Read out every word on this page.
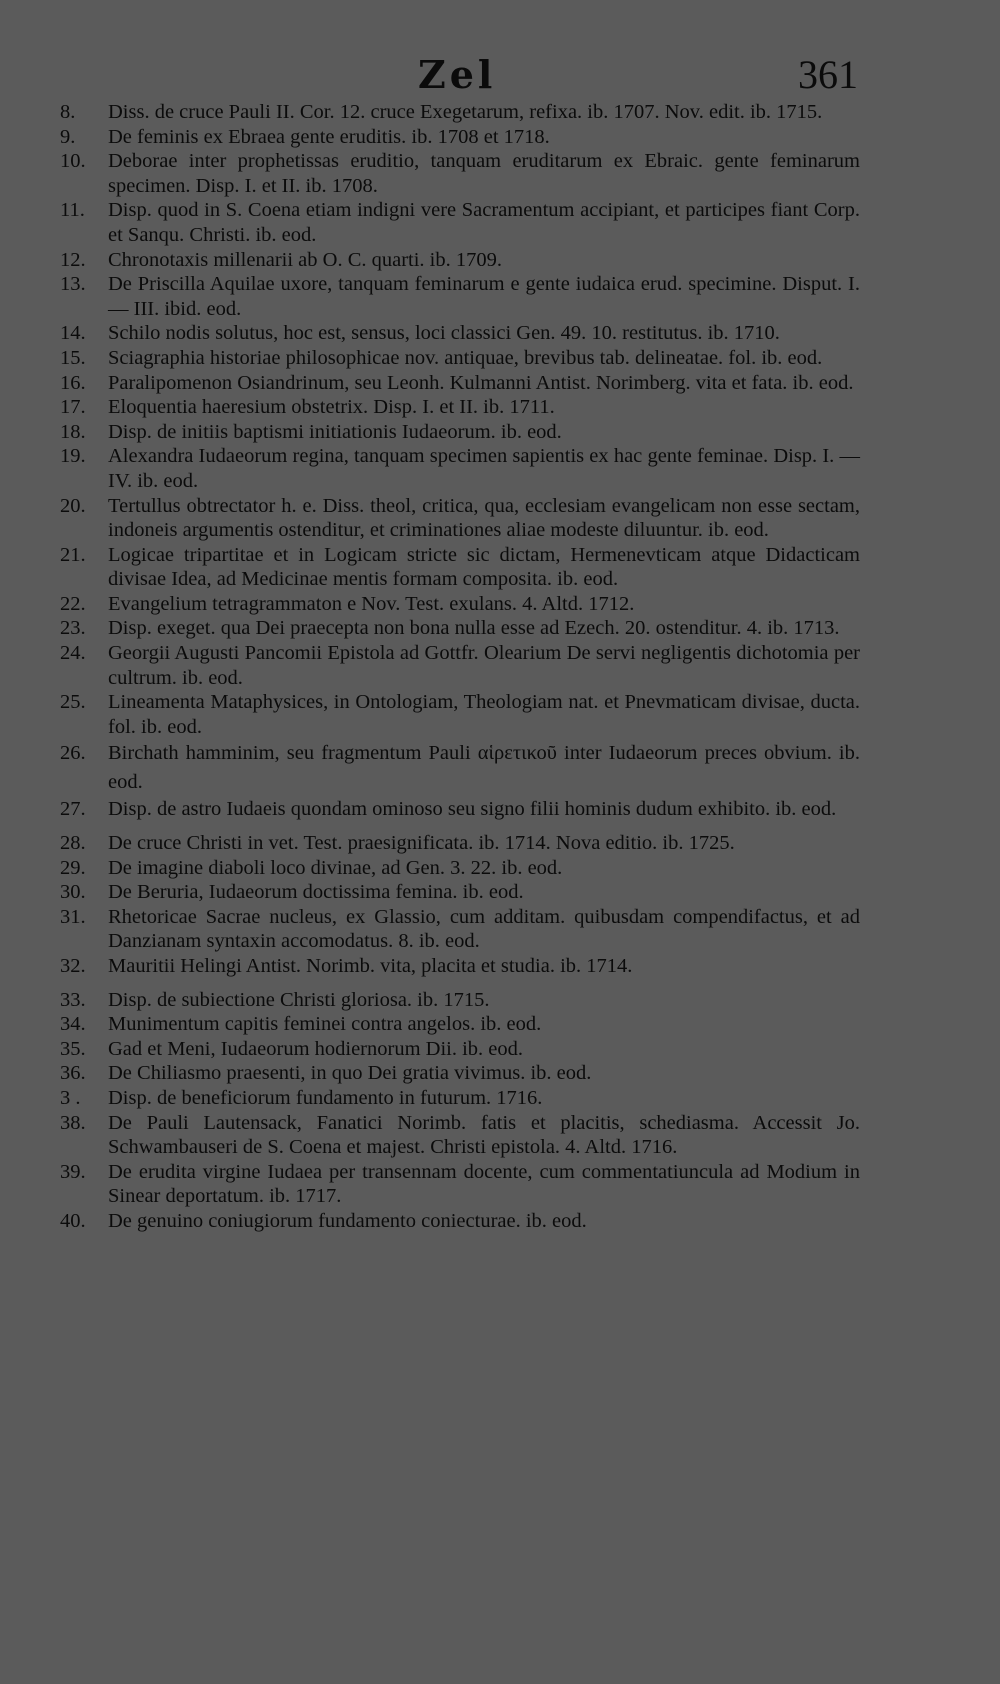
Zel	361
8.	Diss. de cruce Pauli II. Cor. 12. cruce Exegetarum, refixa. ib. 1707. Nov. edit. ib. 1715.
9.	De feminis ex Ebraea gente eruditis. ib. 1708 et 1718.
10.	Deborae inter prophetissas eruditio, tanquam eruditarum ex Ebraic. gente feminarum specimen. Disp. I. et II. ib. 1708.
11.	Disp. quod in S. Coena etiam indigni vere Sacramentum accipiant, et participes fiant Corp. et Sanqu. Christi. ib. eod.
12.	Chronotaxis millenarii ab O. C. quarti. ib. 1709.
13.	De Priscilla Aquilae uxore, tanquam feminarum e gente iudaica erud. specimine. Disput. I. — III. ibid. eod.
14.	Schilo nodis solutus, hoc est, sensus, loci classici Gen. 49. 10. restitutus. ib. 1710.
15.	Sciagraphia historiae philosophicae nov. antiquae, brevibus tab. delineatae. fol. ib. eod.
16.	Paralipomenon Osiandrinum, seu Leonh. Kulmanni Antist. Norimberg. vita et fata. ib. eod.
17.	Eloquentia haeresium obstetrix. Disp. I. et II. ib. 1711.
18.	Disp. de initiis baptismi initiationis Iudaeorum. ib. eod.
19.	Alexandra Iudaeorum regina, tanquam specimen sapientis ex hac gente feminae. Disp. I. — IV. ib. eod.
20.	Tertullus obtrectator h. e. Diss. theol, critica, qua, ecclesiam evangelicam non esse sectam, indoneis argumentis ostenditur, et criminationes aliae modeste diluuntur. ib. eod.
21.	Logicae tripartitae et in Logicam stricte sic dictam, Hermenevticam atque Didacticam divisae Idea, ad Medicinae mentis formam composita. ib. eod.
22.	Evangelium tetragrammaton e Nov. Test. exulans. 4. Altd. 1712.
23.	Disp. exeget. qua Dei praecepta non bona nulla esse ad Ezech. 20. ostenditur. 4. ib. 1713.
24.	Georgii Augusti Pancomii Epistola ad Gottfr. Olearium De servi negligentis dichotomia per cultrum. ib. eod.
25.	Lineamenta Mataphysices, in Ontologiam, Theologiam nat. et Pnevmaticam divisae, ducta. fol. ib. eod.
26.	Birchath hamminim, seu fragmentum Pauli αἱρετικοῦ inter Iudaeorum preces obvium. ib. eod.
27.	Disp. de astro Iudaeis quondam ominoso seu signo filii hominis dudum exhibito. ib. eod.
28.	De cruce Christi in vet. Test. praesignificata. ib. 1714. Nova editio. ib. 1725.
29.	De imagine diaboli loco divinae, ad Gen. 3. 22. ib. eod.
30.	De Beruria, Iudaeorum doctissima femina. ib. eod.
31.	Rhetoricae Sacrae nucleus, ex Glassio, cum additam. quibusdam compendifactus, et ad Danzianam syntaxin accomodatus. 8. ib. eod.
32.	Mauritii Helingi Antist. Norimb. vita, placita et studia. ib. 1714.
33.	Disp. de subiectione Christi gloriosa. ib. 1715.
34.	Munimentum capitis feminei contra angelos. ib. eod.
35.	Gad et Meni, Iudaeorum hodiernorum Dii. ib. eod.
36.	De Chiliasmo praesenti, in quo Dei gratia vivimus. ib. eod.
3 .	Disp. de beneficiorum fundamento in futurum. 1716.
38.	De Pauli Lautensack, Fanatici Norimb. fatis et placitis, schediasma. Accessit Jo. Schwambauseri de S. Coena et majest. Christi epistola. 4. Altd. 1716.
39.	De erudita virgine Iudaea per transennam docente, cum commentatiuncula ad Modium in Sinear deportatum. ib. 1717.
40.	De genuino coniugiorum fundamento coniecturae. ib. eod.
